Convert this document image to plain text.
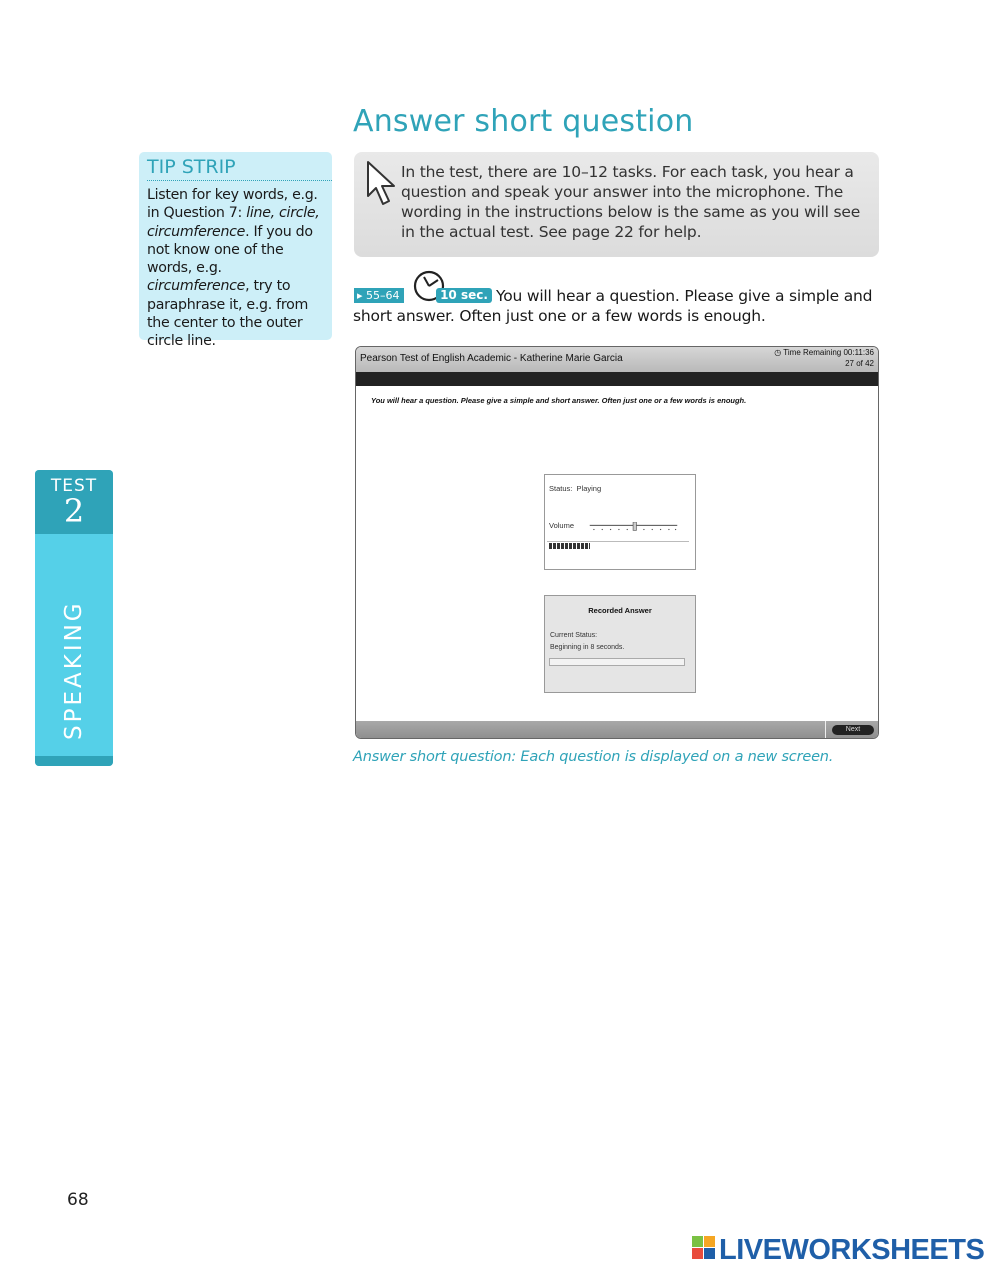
Answer short question
TIP STRIP
Listen for key words, e.g. in Question 7: line, circle, circumference. If you do not know one of the words, e.g. circumference, try to paraphrase it, e.g. from the center to the outer circle line.
In the test, there are 10–12 tasks. For each task, you hear a question and speak your answer into the microphone. The wording in the instructions below is the same as you will see in the actual test. See page 22 for help.
You will hear a question. Please give a simple and short answer. Often just one or a few words is enough.
▸ 55–64	10 sec.
Pearson Test of English Academic - Katherine Marie Garcia
◷ Time Remaining 00:11:36
27 of 42
You will hear a question. Please give a simple and short answer. Often just one or a few words is enough.
Status: Playing
Volume
Recorded Answer
Current Status:
Beginning in 8 seconds.
Next
Answer short question: Each question is displayed on a new screen.
TEST
2
SPEAKING
68
LIVEWORKSHEETS
